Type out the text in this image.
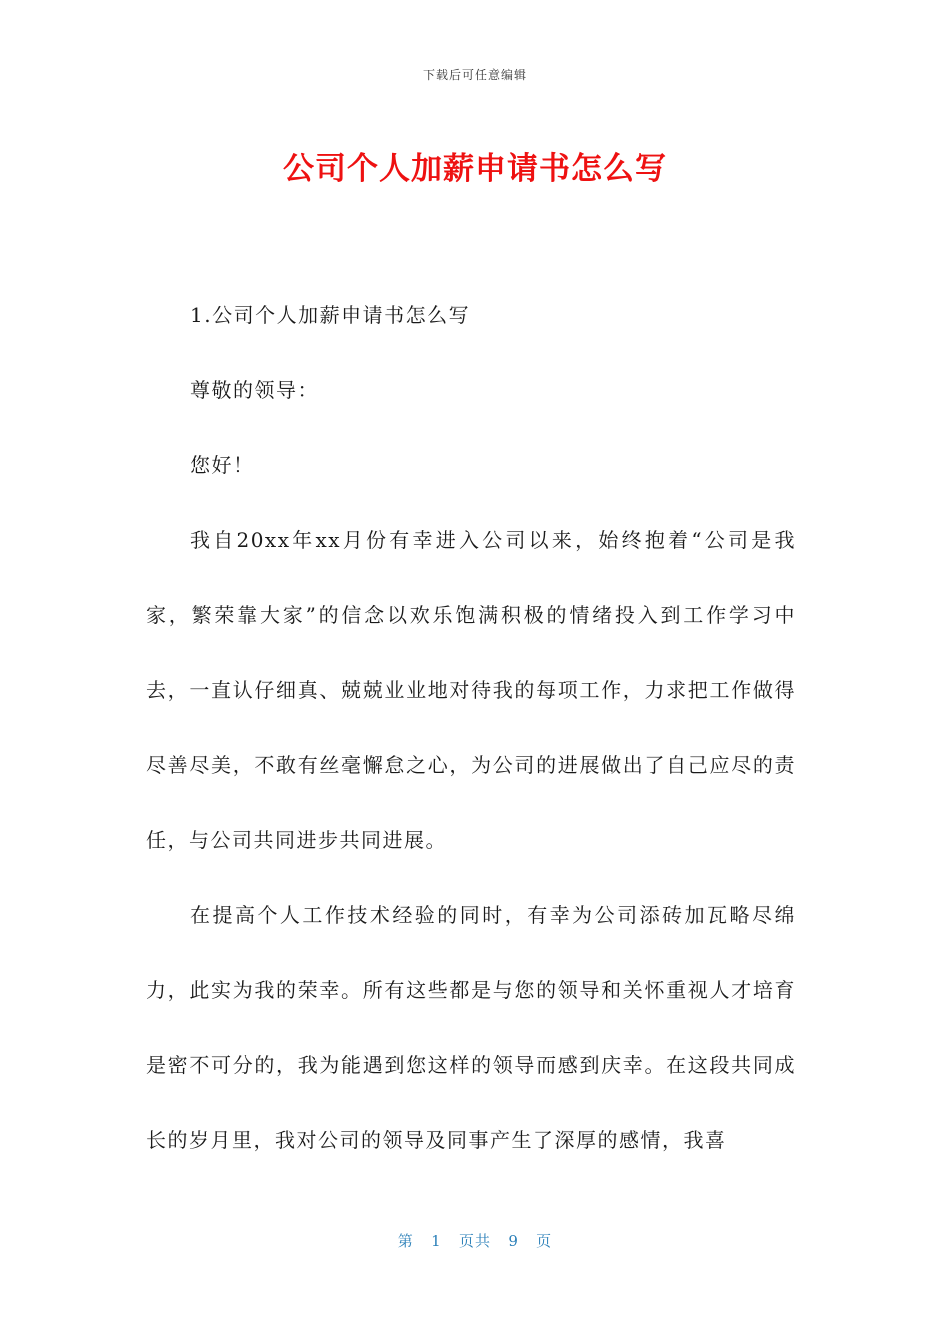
下载后可任意编辑
公司个人加薪申请书怎么写

1.公司个人加薪申请书怎么写

尊敬的领导：

您好！

我自20xx年xx月份有幸进入公司以来，始终抱着“公司是我家，繁荣靠大家”的信念以欢乐饱满积极的情绪投入到工作学习中去，一直认仔细真、兢兢业业地对待我的每项工作，力求把工作做得尽善尽美，不敢有丝毫懈怠之心，为公司的进展做出了自己应尽的责任，与公司共同进步共同进展。

在提高个人工作技术经验的同时，有幸为公司添砖加瓦略尽绵力，此实为我的荣幸。所有这些都是与您的领导和关怀重视人才培育是密不可分的，我为能遇到您这样的领导而感到庆幸。在这段共同成长的岁月里，我对公司的领导及同事产生了深厚的感情，我喜

第 1 页共 9 页
